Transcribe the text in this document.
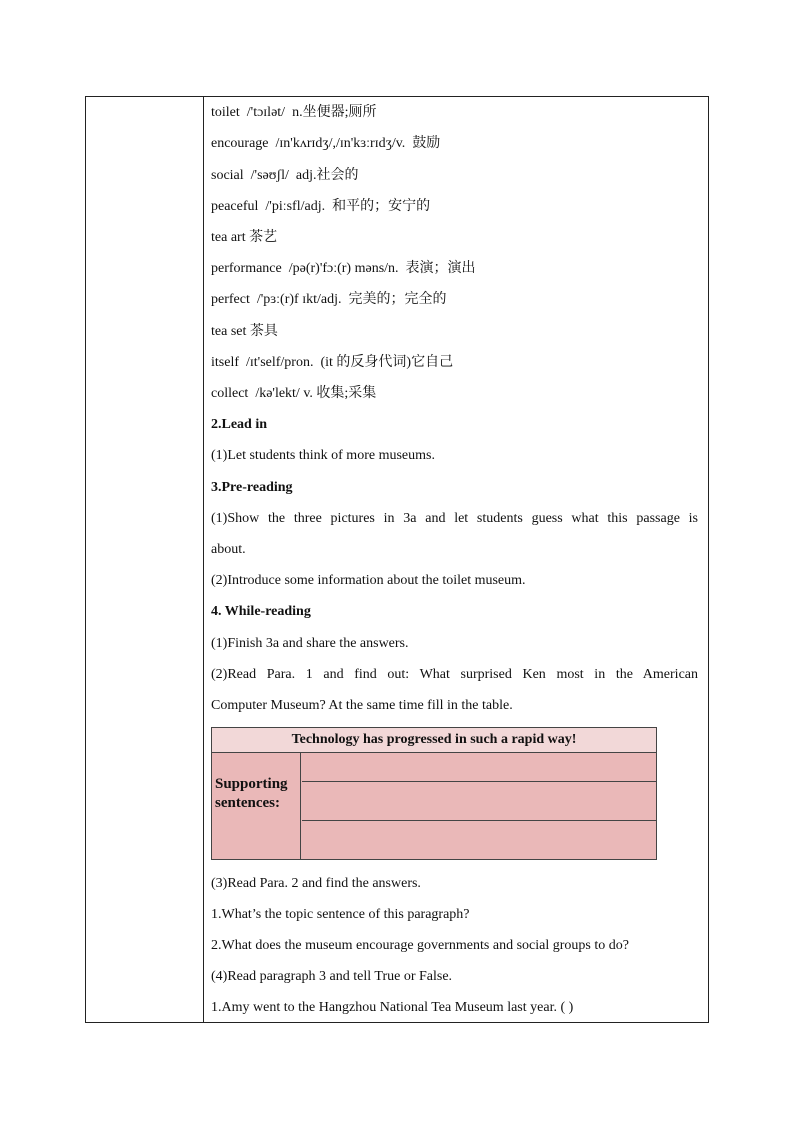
toilet /'tɔɪlət/ n.坐便器;厕所
encourage /ɪn'kʌrɪdʒ/,/ɪn'kɜːrɪdʒ/v. 鼓励
social /'səʊʃl/ adj.社会的
peaceful /'piːsfl/adj. 和平的；安宁的
tea art 茶艺
performance /pə(r)'fɔː(r) məns/n. 表演；演出
perfect /'pɜː(r)f ɪkt/adj. 完美的；完全的
tea set 茶具
itself /ɪt'self/pron. (it 的反身代词)它自己
collect /kə'lekt/ v. 收集;采集
2.Lead in
(1)Let students think of more museums.
3.Pre-reading
(1)Show the three pictures in 3a and let students guess what this passage is
about.
(2)Introduce some information about the toilet museum.
4. While-reading
(1)Finish 3a and share the answers.
(2)Read Para. 1 and find out: What surprised Ken most in the American
Computer Museum? At the same time fill in the table.
Technology has progressed in such a rapid way!
Supporting
sentences:
(3)Read Para. 2 and find the answers.
1.What’s the topic sentence of this paragraph?
2.What does the museum encourage governments and social groups to do?
(4)Read paragraph 3 and tell True or False.
1.Amy went to the Hangzhou National Tea Museum last year. ( )
